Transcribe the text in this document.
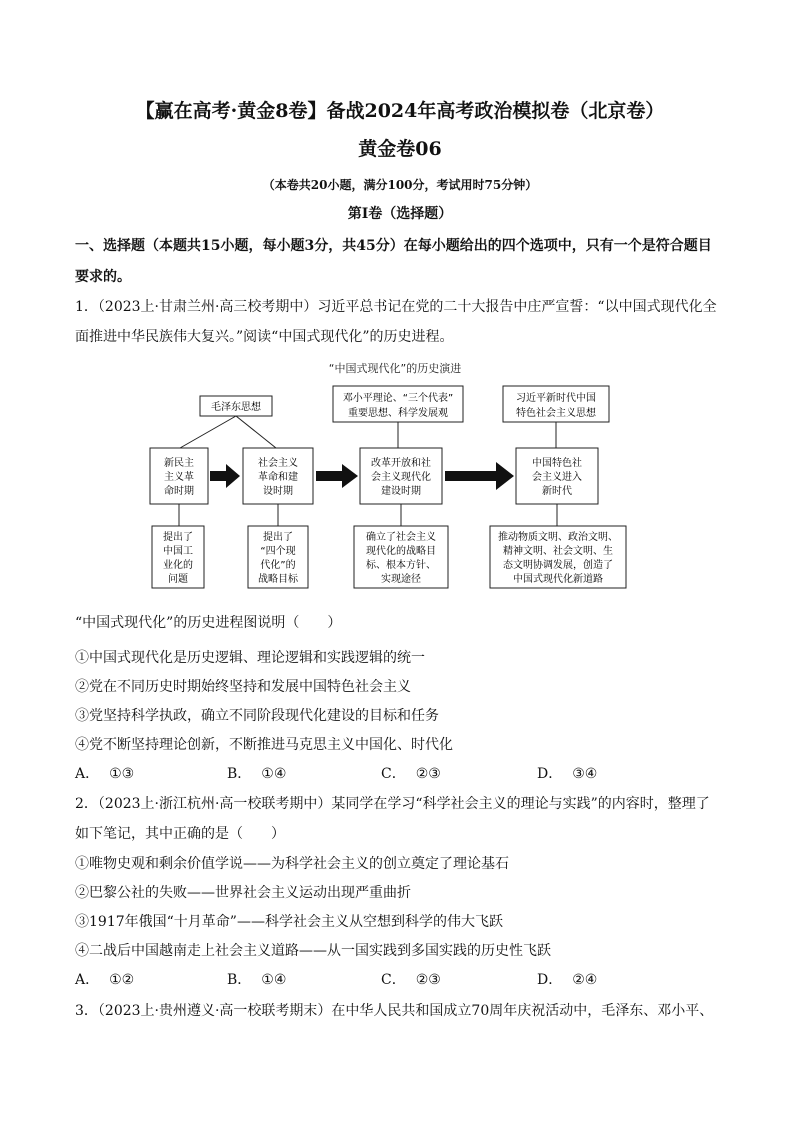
【赢在高考·黄金8卷】备战2024年高考政治模拟卷（北京卷）
黄金卷06
（本卷共20小题，满分100分，考试用时75分钟）
第I卷（选择题）
一、选择题（本题共15小题，每小题3分，共45分）在每小题给出的四个选项中，只有一个是符合题目
要求的。
1．（2023上·甘肃兰州·高三校考期中）习近平总书记在党的二十大报告中庄严宣誓：“以中国式现代化全
面推进中华民族伟大复兴。”阅读“中国式现代化”的历史进程。
“中国式现代化”的历史演进
毛泽东思想
邓小平理论、“三个代表”
重要思想、科学发展观
习近平新时代中国
特色社会主义思想
新民主
主义革
命时期
社会主义
革命和建
设时期
改革开放和社
会主义现代化
建设时期
中国特色社
会主义进入
新时代
提出了
中国工
业化的
问题
提出了
“四个现
代化”的
战略目标
确立了社会主义
现代化的战略目
标、根本方针、
实现途径
推动物质文明、政治文明、
精神文明、社会文明、生
态文明协调发展，创造了
中国式现代化新道路
“中国式现代化”的历史进程图说明（　　）
①中国式现代化是历史逻辑、理论逻辑和实践逻辑的统一
②党在不同历史时期始终坚持和发展中国特色社会主义
③党坚持科学执政，确立不同阶段现代化建设的目标和任务
④党不断坚持理论创新，不断推进马克思主义中国化、时代化
A． ①③	B． ①④	C． ②③	D． ③④
2．（2023上·浙江杭州·高一校联考期中）某同学在学习“科学社会主义的理论与实践”的内容时，整理了
如下笔记，其中正确的是（　　）
①唯物史观和剩余价值学说——为科学社会主义的创立奠定了理论基石
②巴黎公社的失败——世界社会主义运动出现严重曲折
③1917年俄国“十月革命”——科学社会主义从空想到科学的伟大飞跃
④二战后中国越南走上社会主义道路——从一国实践到多国实践的历史性飞跃
A． ①②	B． ①④	C． ②③	D． ②④
3．（2023上·贵州遵义·高一校联考期末）在中华人民共和国成立70周年庆祝活动中，毛泽东、邓小平、
